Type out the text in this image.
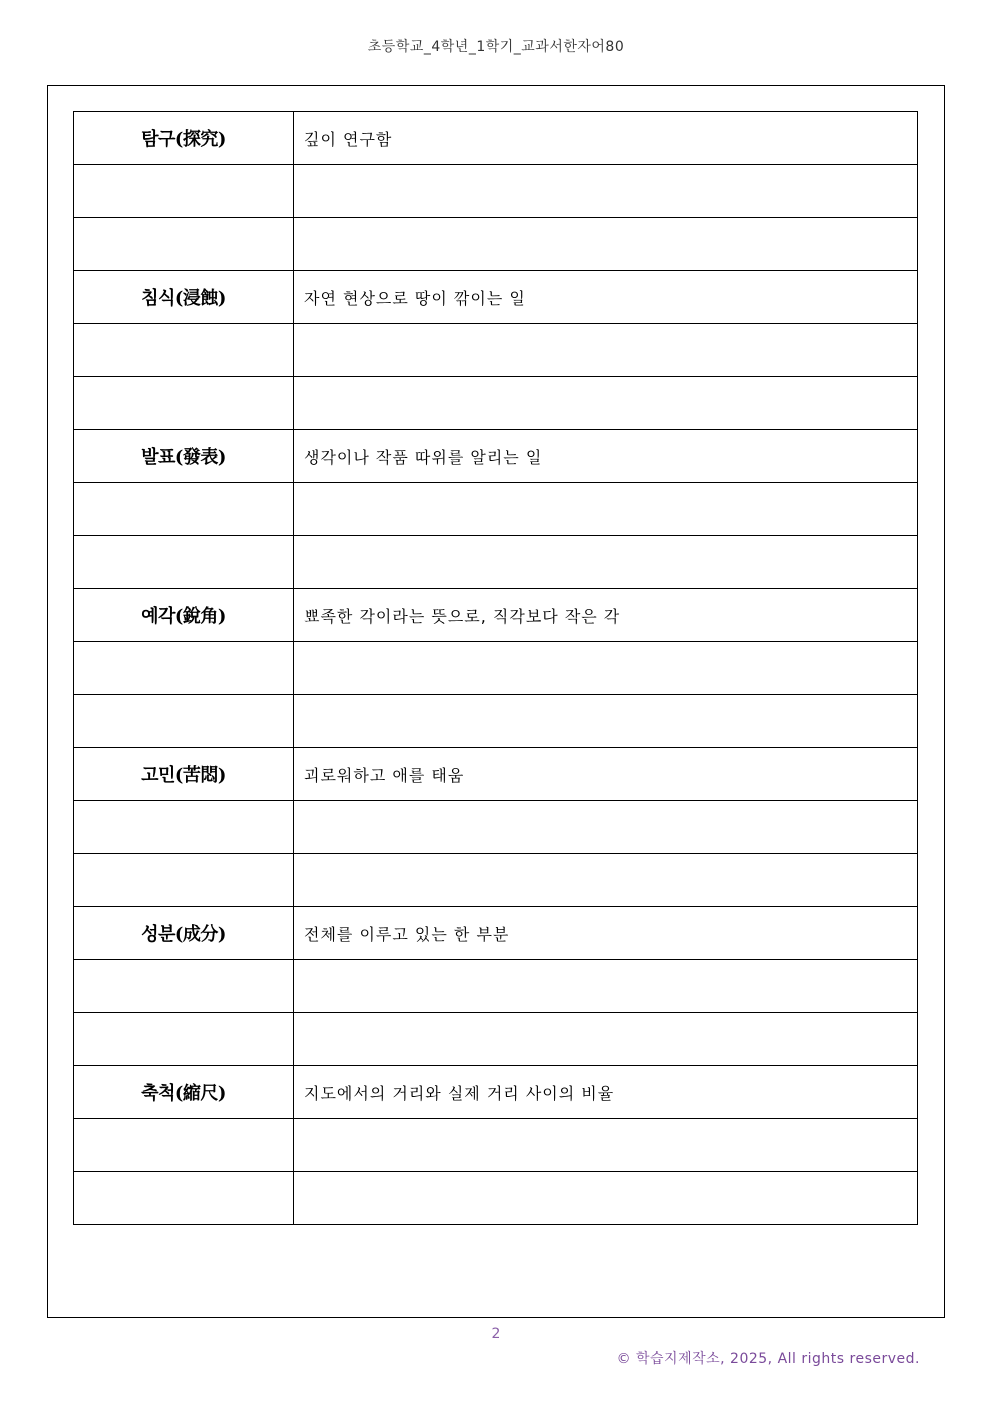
초등학교_4학년_1학기_교과서한자어80
탐구(探究)	깊이 연구함

침식(浸蝕)	자연 현상으로 땅이 깎이는 일

발표(發表)	생각이나 작품 따위를 알리는 일

예각(銳角)	뾰족한 각이라는 뜻으로, 직각보다 작은 각

고민(苦悶)	괴로워하고 애를 태움

성분(成分)	전체를 이루고 있는 한 부분

축척(縮尺)	지도에서의 거리와 실제 거리 사이의 비율

2
© 학습지제작소, 2025, All rights reserved.
